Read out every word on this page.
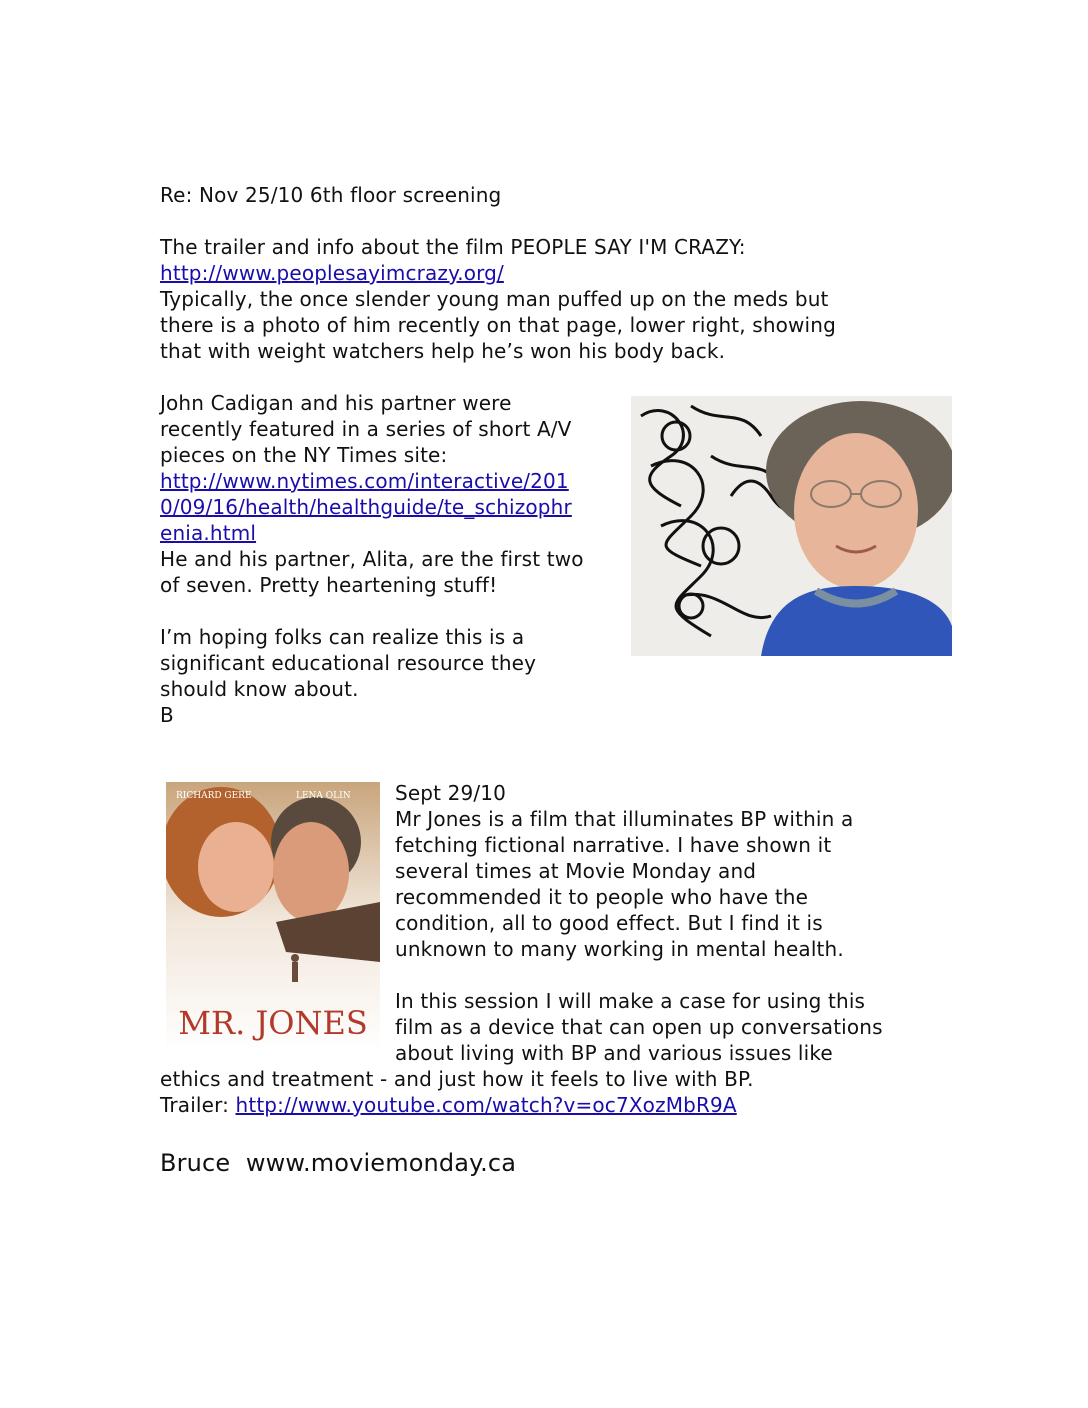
Re: Nov 25/10 6th floor screening
The trailer and info about the film PEOPLE SAY I'M CRAZY:
http://www.peoplesayimcrazy.org/
Typically, the once slender young man puffed up on the meds but
there is a photo of him recently on that page, lower right, showing
that with weight watchers help he’s won his body back.
John Cadigan and his partner were
recently featured in a series of short A/V
pieces on the NY Times site:
http://www.nytimes.com/interactive/201
0/09/16/health/healthguide/te_schizophr
enia.html
He and his partner, Alita, are the first two
of seven. Pretty heartening stuff!
I’m hoping folks can realize this is a
significant educational resource they
should know about.
B
RICHARD GERE	LENA OLIN
MR. JONES
Sept 29/10
Mr Jones is a film that illuminates BP within a
fetching fictional narrative. I have shown it
several times at Movie Monday and
recommended it to people who have the
condition, all to good effect. But I find it is
unknown to many working in mental health.
In this session I will make a case for using this
film as a device that can open up conversations
about living with BP and various issues like
ethics and treatment - and just how it feels to live with BP.
Trailer: http://www.youtube.com/watch?v=oc7XozMbR9A
Bruce www.moviemonday.ca
